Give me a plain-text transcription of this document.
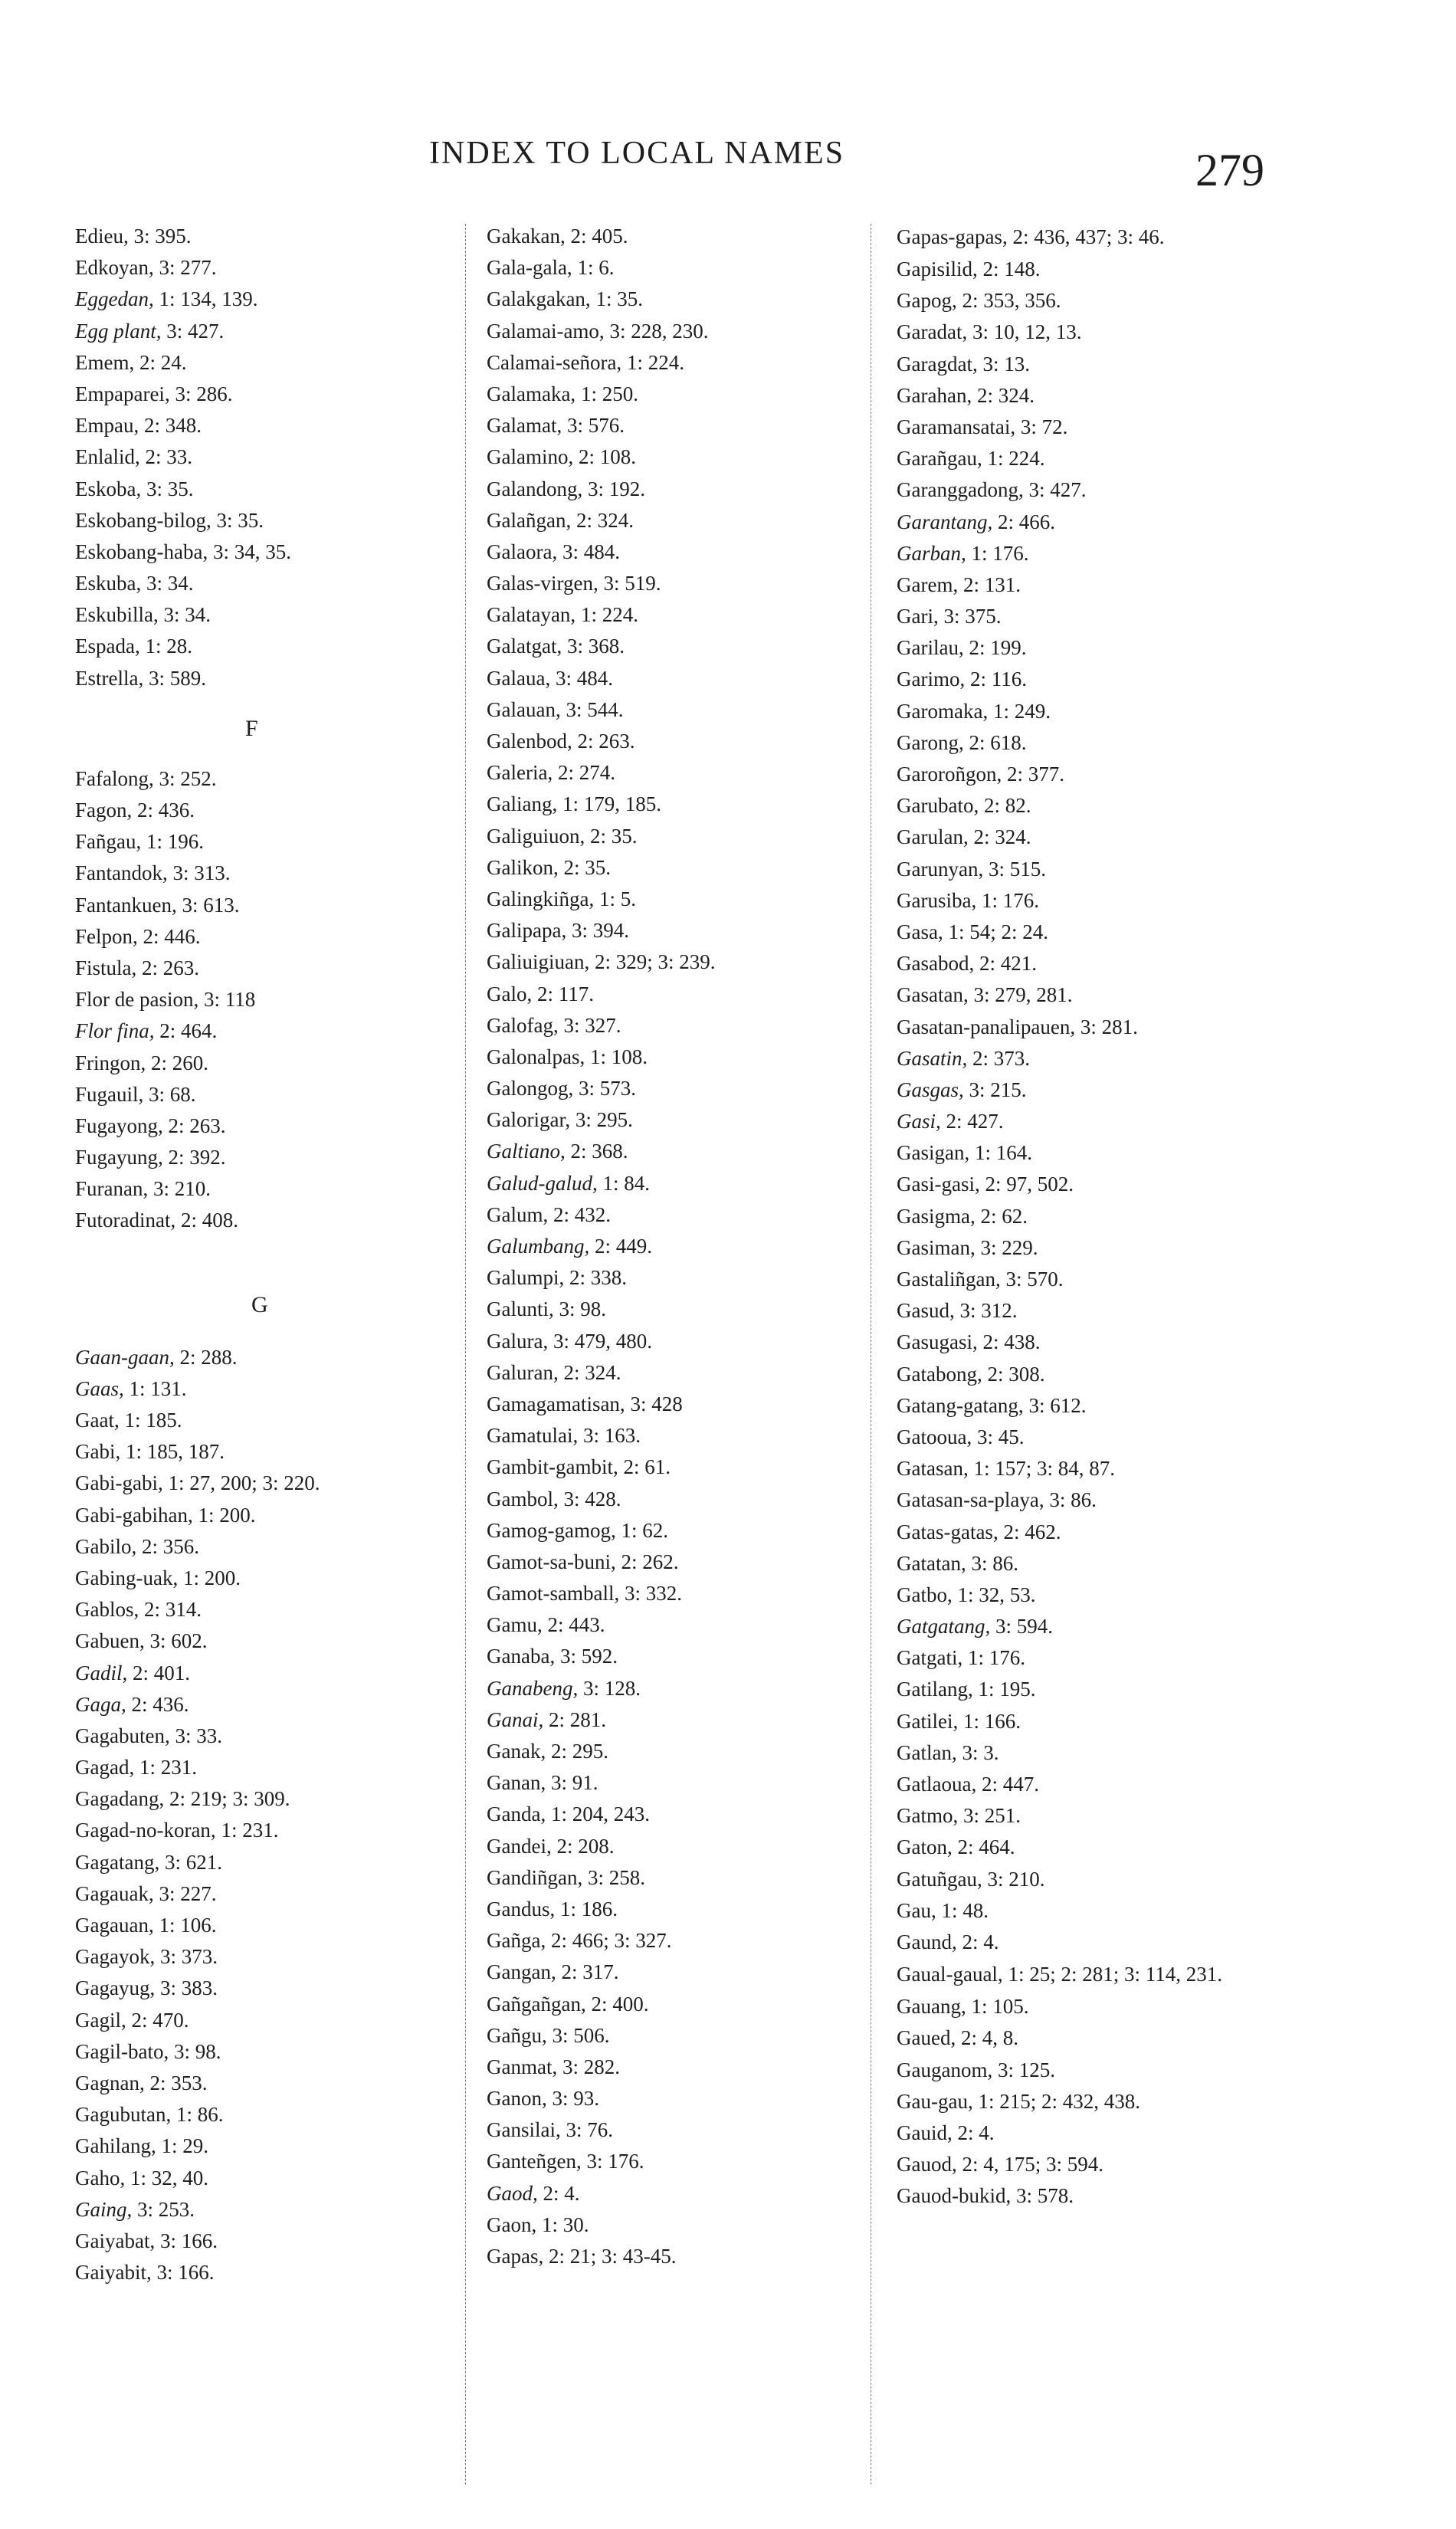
INDEX TO LOCAL NAMES	279
Edieu, 3: 395.
Edkoyan, 3: 277.
Eggedan, 1: 134, 139.
Egg plant, 3: 427.
Emem, 2: 24.
Empaparei, 3: 286.
Empau, 2: 348.
Enlalid, 2: 33.
Eskoba, 3: 35.
Eskobang-bilog, 3: 35.
Eskobang-haba, 3: 34, 35.
Eskuba, 3: 34.
Eskubilla, 3: 34.
Espada, 1: 28.
Estrella, 3: 589.
F
Fafalong, 3: 252.
Fagon, 2: 436.
Fañgau, 1: 196.
Fantandok, 3: 313.
Fantankuen, 3: 613.
Felpon, 2: 446.
Fistula, 2: 263.
Flor de pasion, 3: 118
Flor fina, 2: 464.
Fringon, 2: 260.
Fugauil, 3: 68.
Fugayong, 2: 263.
Fugayung, 2: 392.
Furanan, 3: 210.
Futoradinat, 2: 408.
G
Gaan-gaan, 2: 288.
Gaas, 1: 131.
Gaat, 1: 185.
Gabi, 1: 185, 187.
Gabi-gabi, 1: 27, 200; 3: 220.
Gabi-gabihan, 1: 200.
Gabilo, 2: 356.
Gabing-uak, 1: 200.
Gablos, 2: 314.
Gabuen, 3: 602.
Gadil, 2: 401.
Gaga, 2: 436.
Gagabuten, 3: 33.
Gagad, 1: 231.
Gagadang, 2: 219; 3: 309.
Gagad-no-koran, 1: 231.
Gagatang, 3: 621.
Gagauak, 3: 227.
Gagauan, 1: 106.
Gagayok, 3: 373.
Gagayug, 3: 383.
Gagil, 2: 470.
Gagil-bato, 3: 98.
Gagnan, 2: 353.
Gagubutan, 1: 86.
Gahilang, 1: 29.
Gaho, 1: 32, 40.
Gaing, 3: 253.
Gaiyabat, 3: 166.
Gaiyabit, 3: 166.
Gakakan, 2: 405.
Gala-gala, 1: 6.
Galakgakan, 1: 35.
Galamai-amo, 3: 228, 230.
Calamai-señora, 1: 224.
Galamaka, 1: 250.
Galamat, 3: 576.
Galamino, 2: 108.
Galandong, 3: 192.
Galañgan, 2: 324.
Galaora, 3: 484.
Galas-virgen, 3: 519.
Galatayan, 1: 224.
Galatgat, 3: 368.
Galaua, 3: 484.
Galauan, 3: 544.
Galenbod, 2: 263.
Galeria, 2: 274.
Galiang, 1: 179, 185.
Galiguiuon, 2: 35.
Galikon, 2: 35.
Galingkiñga, 1: 5.
Galipapa, 3: 394.
Galiuigiuan, 2: 329; 3: 239.
Galo, 2: 117.
Galofag, 3: 327.
Galonalpas, 1: 108.
Galongog, 3: 573.
Galorigar, 3: 295.
Galtiano, 2: 368.
Galud-galud, 1: 84.
Galum, 2: 432.
Galumbang, 2: 449.
Galumpi, 2: 338.
Galunti, 3: 98.
Galura, 3: 479, 480.
Galuran, 2: 324.
Gamagamatisan, 3: 428
Gamatulai, 3: 163.
Gambit-gambit, 2: 61.
Gambol, 3: 428.
Gamog-gamog, 1: 62.
Gamot-sa-buni, 2: 262.
Gamot-samball, 3: 332.
Gamu, 2: 443.
Ganaba, 3: 592.
Ganabeng, 3: 128.
Ganai, 2: 281.
Ganak, 2: 295.
Ganan, 3: 91.
Ganda, 1: 204, 243.
Gandei, 2: 208.
Gandiñgan, 3: 258.
Gandus, 1: 186.
Gañga, 2: 466; 3: 327.
Gangan, 2: 317.
Gañgañgan, 2: 400.
Gañgu, 3: 506.
Ganmat, 3: 282.
Ganon, 3: 93.
Gansilai, 3: 76.
Ganteñgen, 3: 176.
Gaod, 2: 4.
Gaon, 1: 30.
Gapas, 2: 21; 3: 43-45.
Gapas-gapas, 2: 436, 437; 3: 46.
Gapisilid, 2: 148.
Gapog, 2: 353, 356.
Garadat, 3: 10, 12, 13.
Garagdat, 3: 13.
Garahan, 2: 324.
Garamansatai, 3: 72.
Garañgau, 1: 224.
Garanggadong, 3: 427.
Garantang, 2: 466.
Garban, 1: 176.
Garem, 2: 131.
Gari, 3: 375.
Garilau, 2: 199.
Garimo, 2: 116.
Garomaka, 1: 249.
Garong, 2: 618.
Garoroñgon, 2: 377.
Garubato, 2: 82.
Garulan, 2: 324.
Garunyan, 3: 515.
Garusiba, 1: 176.
Gasa, 1: 54; 2: 24.
Gasabod, 2: 421.
Gasatan, 3: 279, 281.
Gasatan-panalipauen, 3: 281.
Gasatin, 2: 373.
Gasgas, 3: 215.
Gasi, 2: 427.
Gasigan, 1: 164.
Gasi-gasi, 2: 97, 502.
Gasigma, 2: 62.
Gasiman, 3: 229.
Gastaliñgan, 3: 570.
Gasud, 3: 312.
Gasugasi, 2: 438.
Gatabong, 2: 308.
Gatang-gatang, 3: 612.
Gatooua, 3: 45.
Gatasan, 1: 157; 3: 84, 87.
Gatasan-sa-playa, 3: 86.
Gatas-gatas, 2: 462.
Gatatan, 3: 86.
Gatbo, 1: 32, 53.
Gatgatang, 3: 594.
Gatgati, 1: 176.
Gatilang, 1: 195.
Gatilei, 1: 166.
Gatlan, 3: 3.
Gatlaoua, 2: 447.
Gatmo, 3: 251.
Gaton, 2: 464.
Gatuñgau, 3: 210.
Gau, 1: 48.
Gaund, 2: 4.
Gaual-gaual, 1: 25; 2: 281; 3: 114, 231.
Gauang, 1: 105.
Gaued, 2: 4, 8.
Gauganom, 3: 125.
Gau-gau, 1: 215; 2: 432, 438.
Gauid, 2: 4.
Gauod, 2: 4, 175; 3: 594.
Gauod-bukid, 3: 578.
